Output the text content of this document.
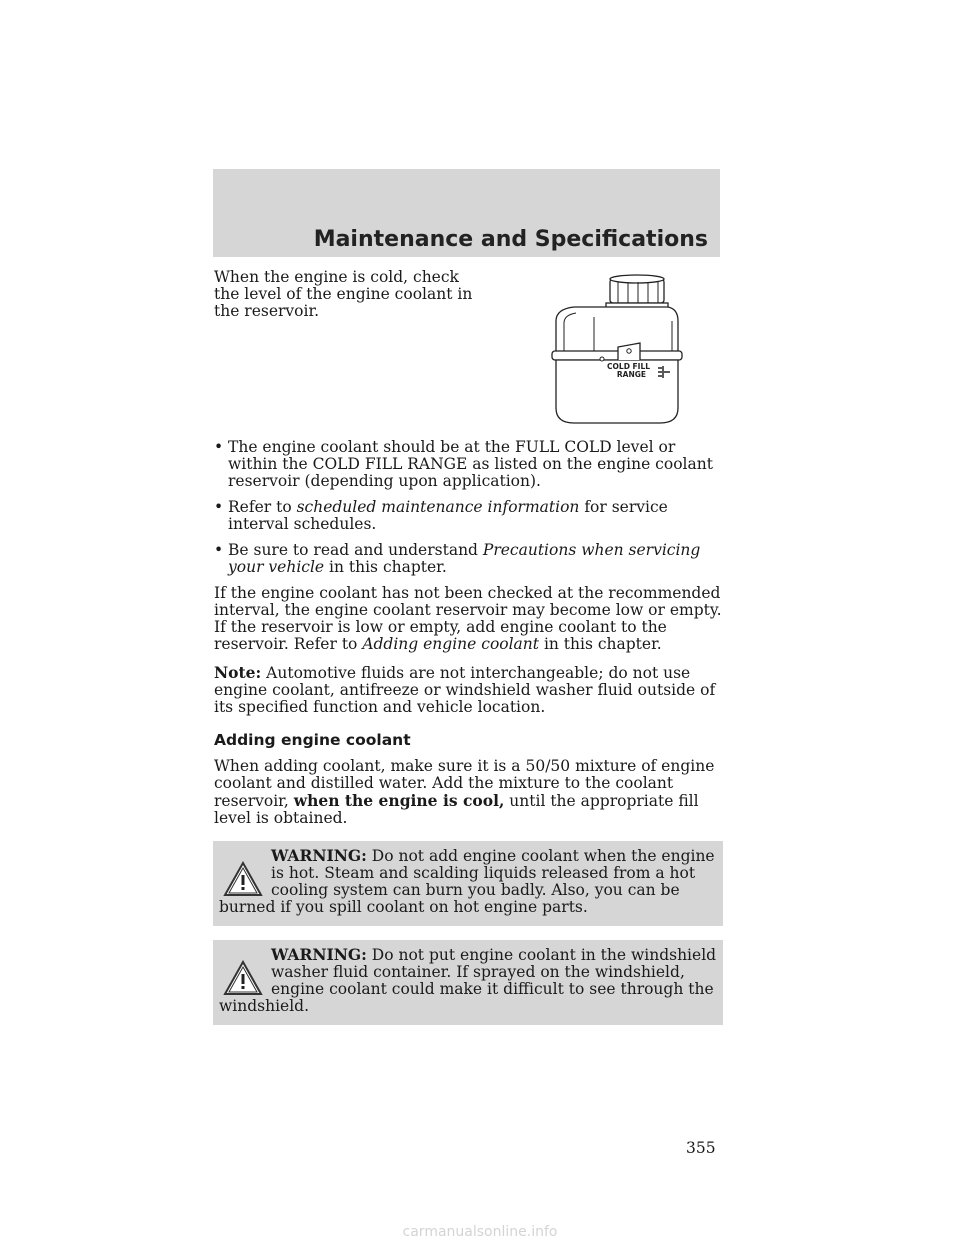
Maintenance and Specifications
COLD FILL
RANGE

When the engine is cold, check the level of the engine coolant in the reservoir.

• The engine coolant should be at the FULL COLD level or within the COLD FILL RANGE as listed on the engine coolant reservoir (depending upon application).
• Refer to scheduled maintenance information for service interval schedules.
• Be sure to read and understand Precautions when servicing your vehicle in this chapter.

If the engine coolant has not been checked at the recommended interval, the engine coolant reservoir may become low or empty. If the reservoir is low or empty, add engine coolant to the reservoir. Refer to Adding engine coolant in this chapter.

Note: Automotive fluids are not interchangeable; do not use engine coolant, antifreeze or windshield washer fluid outside of its specified function and vehicle location.

Adding engine coolant

When adding coolant, make sure it is a 50/50 mixture of engine coolant and distilled water. Add the mixture to the coolant reservoir, when the engine is cool, until the appropriate fill level is obtained.

WARNING: Do not add engine coolant when the engine is hot. Steam and scalding liquids released from a hot cooling system can burn you badly. Also, you can be burned if you spill coolant on hot engine parts.

WARNING: Do not put engine coolant in the windshield washer fluid container. If sprayed on the windshield, engine coolant could make it difficult to see through the windshield.

355
carmanualsonline.info
